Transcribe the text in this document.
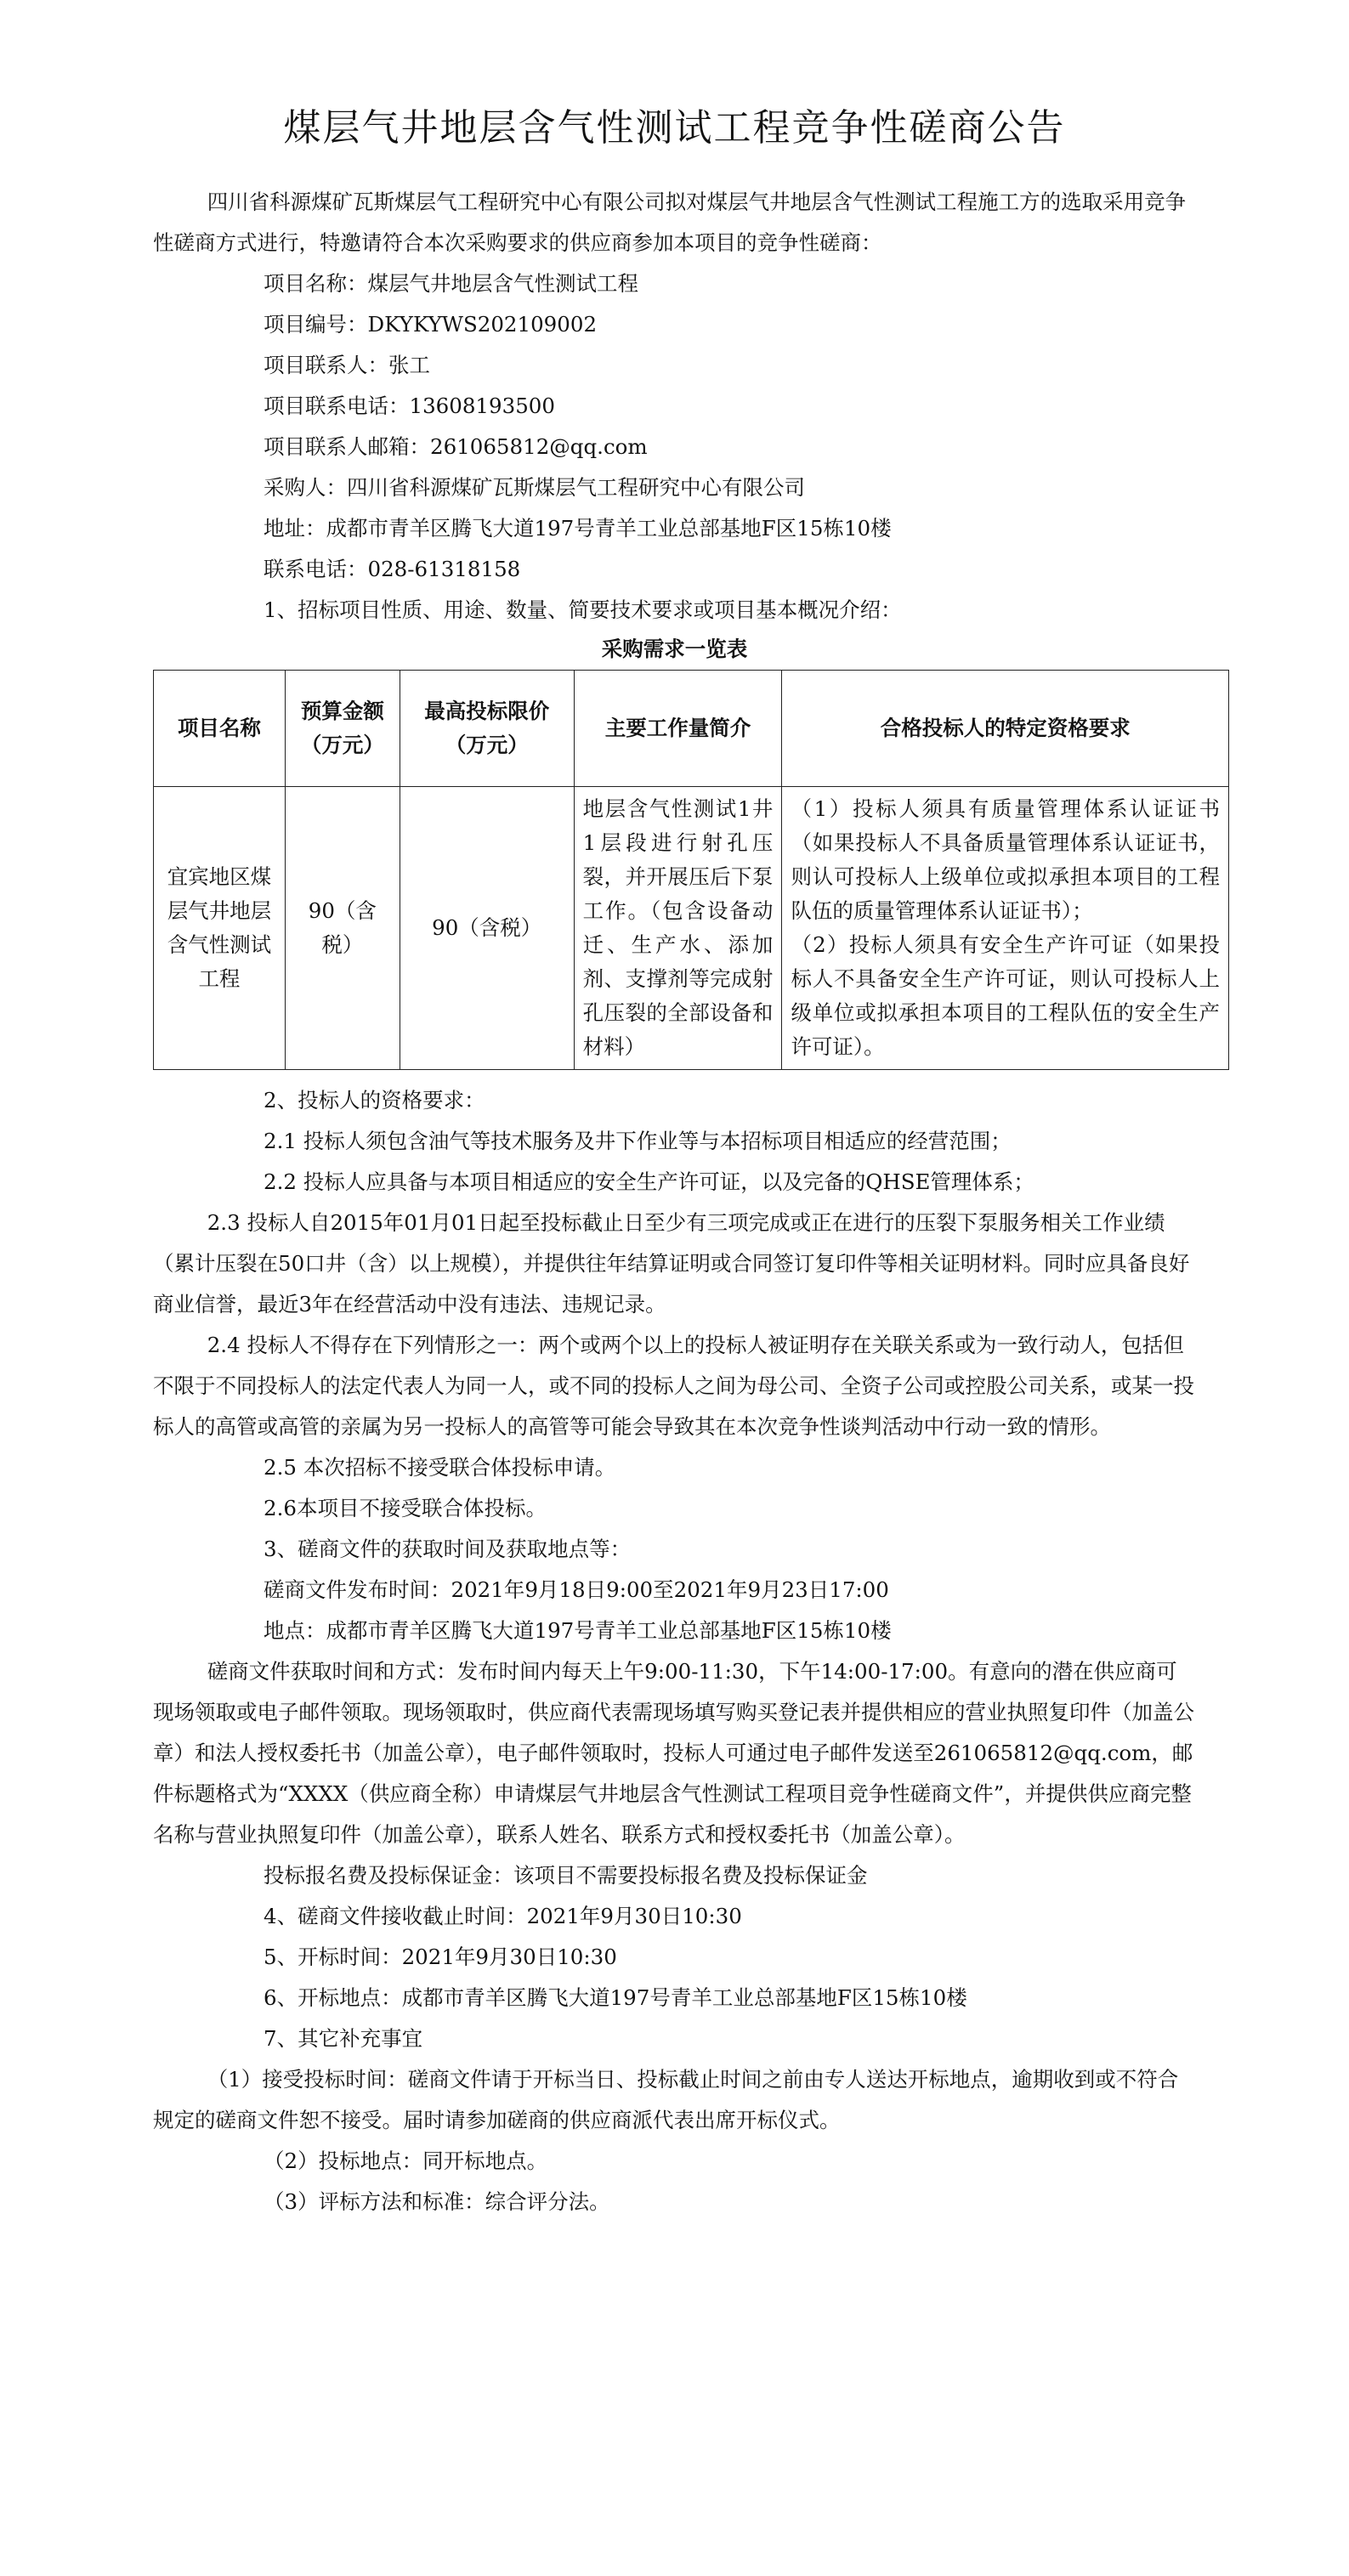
煤层气井地层含气性测试工程竞争性磋商公告

四川省科源煤矿瓦斯煤层气工程研究中心有限公司拟对煤层气井地层含气性测试工程施工方的选取采用竞争性磋商方式进行，特邀请符合本次采购要求的供应商参加本项目的竞争性磋商：

项目名称：煤层气井地层含气性测试工程

项目编号：DKYKYWS202109002

项目联系人：张工

项目联系电话：13608193500

项目联系人邮箱：261065812@qq.com

采购人：四川省科源煤矿瓦斯煤层气工程研究中心有限公司

地址：成都市青羊区腾飞大道197号青羊工业总部基地F区15栋10楼

联系电话：028-61318158

1、招标项目性质、用途、数量、简要技术要求或项目基本概况介绍：

采购需求一览表
项目名称	预算金额（万元）	最高投标限价（万元）	主要工作量简介	合格投标人的特定资格要求
宜宾地区煤层气井地层含气性测试工程	90（含税）	90（含税）	地层含气性测试1井1层段进行射孔压裂，并开展压后下泵工作。（包含设备动迁、生产水、添加剂、支撑剂等完成射孔压裂的全部设备和材料）	（1）投标人须具有质量管理体系认证证书（如果投标人不具备质量管理体系认证证书，则认可投标人上级单位或拟承担本项目的工程队伍的质量管理体系认证证书）；
（2）投标人须具有安全生产许可证（如果投标人不具备安全生产许可证，则认可投标人上级单位或拟承担本项目的工程队伍的安全生产许可证）。

2、投标人的资格要求：

2.1 投标人须包含油气等技术服务及井下作业等与本招标项目相适应的经营范围；

2.2 投标人应具备与本项目相适应的安全生产许可证，以及完备的QHSE管理体系；

2.3 投标人自2015年01月01日起至投标截止日至少有三项完成或正在进行的压裂下泵服务相关工作业绩（累计压裂在50口井（含）以上规模），并提供往年结算证明或合同签订复印件等相关证明材料。同时应具备良好商业信誉，最近3年在经营活动中没有违法、违规记录。

2.4 投标人不得存在下列情形之一：两个或两个以上的投标人被证明存在关联关系或为一致行动人，包括但不限于不同投标人的法定代表人为同一人，或不同的投标人之间为母公司、全资子公司或控股公司关系，或某一投标人的高管或高管的亲属为另一投标人的高管等可能会导致其在本次竞争性谈判活动中行动一致的情形。

2.5 本次招标不接受联合体投标申请。

2.6本项目不接受联合体投标。

3、磋商文件的获取时间及获取地点等：

磋商文件发布时间：2021年9月18日9:00至2021年9月23日17:00

地点：成都市青羊区腾飞大道197号青羊工业总部基地F区15栋10楼

磋商文件获取时间和方式：发布时间内每天上午9:00-11:30，下午14:00-17:00。有意向的潜在供应商可现场领取或电子邮件领取。现场领取时，供应商代表需现场填写购买登记表并提供相应的营业执照复印件（加盖公章）和法人授权委托书（加盖公章），电子邮件领取时，投标人可通过电子邮件发送至261065812@qq.com，邮件标题格式为“XXXX（供应商全称）申请煤层气井地层含气性测试工程项目竞争性磋商文件”，并提供供应商完整名称与营业执照复印件（加盖公章），联系人姓名、联系方式和授权委托书（加盖公章）。

投标报名费及投标保证金：该项目不需要投标报名费及投标保证金

4、磋商文件接收截止时间：2021年9月30日10:30

5、开标时间：2021年9月30日10:30

6、开标地点：成都市青羊区腾飞大道197号青羊工业总部基地F区15栋10楼

7、其它补充事宜

（1）接受投标时间：磋商文件请于开标当日、投标截止时间之前由专人送达开标地点，逾期收到或不符合规定的磋商文件恕不接受。届时请参加磋商的供应商派代表出席开标仪式。

（2）投标地点：同开标地点。

（3）评标方法和标准：综合评分法。
